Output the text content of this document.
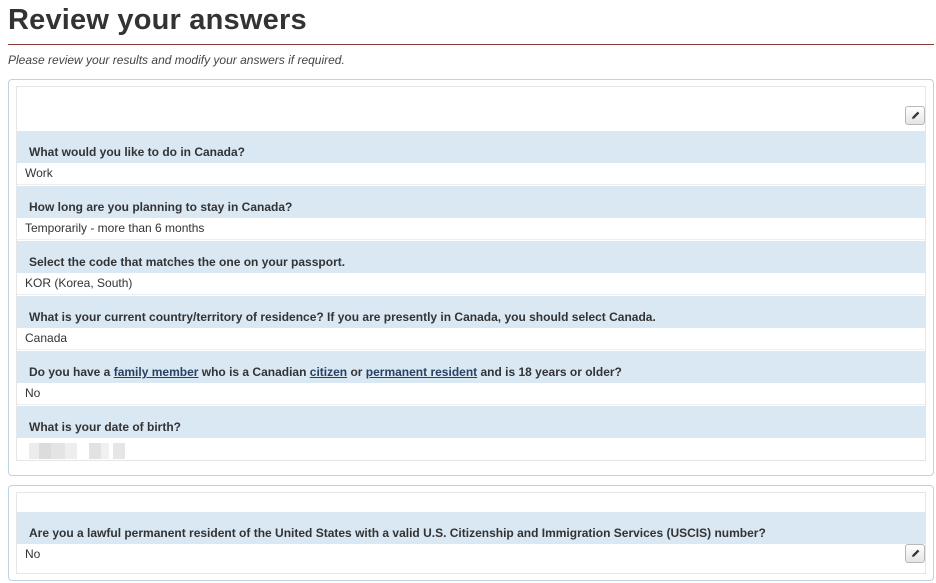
Review your answers
Please review your results and modify your answers if required.
What would you like to do in Canada?
Work
How long are you planning to stay in Canada?
Temporarily - more than 6 months
Select the code that matches the one on your passport.
KOR (Korea, South)
What is your current country/territory of residence? If you are presently in Canada, you should select Canada.
Canada
Do you have a family member who is a Canadian citizen or permanent resident and is 18 years or older?
No
What is your date of birth?
Are you a lawful permanent resident of the United States with a valid U.S. Citizenship and Immigration Services (USCIS) number?
No
